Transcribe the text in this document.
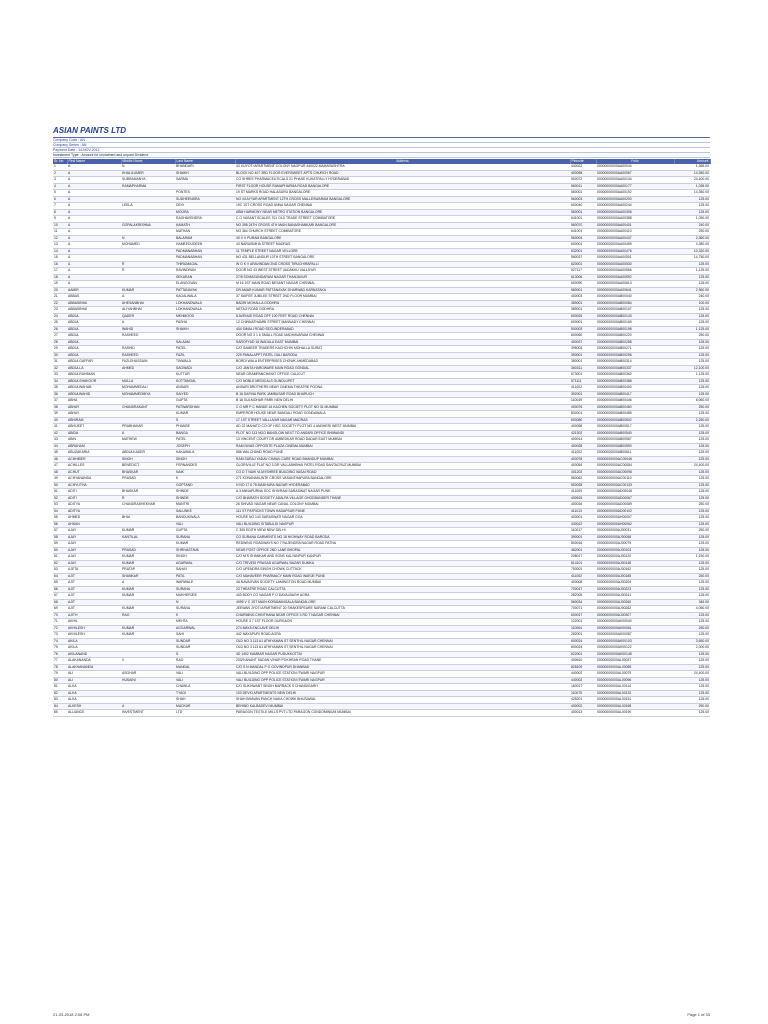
ASIAN PAINTS LTD
Company Code : AN
Company Series : AN
Payment Date : 14-NOV-2012
Investment Type : Amount for unclaimed and unpaid Dividend
Sr. No	First Name	Middle Name	Last Name	Address	Pincode	Folio	Amount
1	A	N	BHANDARI	43 VIJYOTI APARTMENT COLONY NAGPUR 440022 MAHARASHTRA	440022	00000000000AA00044	1,365.00
2	A	KHALILUMER	SHAIKH	BLOCK NO 407 3RD FLOOR EVERSWEET APTS CHURCH ROAD	400058	00000000000AA00067	14,350.00
3	A	SUBRAMANYA	SARMA	CO SHREE PHARMACEUTICALS 21 PHASE KUKATPALLY HYDERABAD	500072	00000000000AA00134	24,400.00
4	A	RAMAPHARMA		FIRST FLOOR HOUSE RAMAPHARMA ROAD BANGALORE	560011	00000000000AA00177	1,035.00
5	A		PONTES	19 ST MARKS ROAD HALASURU BANGALORE	560001	00000000000AA00192	14,350.00
6	A		SUDHEENDRA	NO 44 AYYAR APARTMENT 12TH CROSS MALLESWARAM BANGALORE	560003	00000000000AA00200	125.00
7	A	LEELA	DEVI	19C 1ST CROSS ROAD ANNA NAGAR CHENNAI	600040	00000000000AA00244	125.00
8	A		MOORA	ABM HARMONY NEAR METRO STATION BANGALORE	560001	00000000000AA00306	125.00
9	A		RAGHAVENDRA	C O VASANT SCALES 701 OLD TRADE STREET COIMBATORE	641001	00000000000AA00388	1,050.00
10	A	GOPALAKRISHNA	KAMATH	NO 398 24TH CROSS 4TH MAIN BANASHANKARI BANGALORE	560070	00000000000AA00401	240.00
11	A		MATHAN	NO 364 CHURCH STREET COIMBATORE	641001	00000000000AA00410	250.00
12	A	N	BALARAM	40 V V PURAM BANGALORE	560004	00000000000AA00437	2,360.00
13	A	MOHAMED	HAMEEDUDEEN	43 NARASIMHA STREET MADRAS	600001	00000000000AA00459	4,380.00
14	A		PADMANABHAN	11 TEMPLE STREET NAGAR VELLORE	632001	00000000000AA00476	10,320.00
15	A		PADMANABHAN	NO 431 BELLANDUR 10TH STREET BANGALORE	560037	00000000000AA00501	14,750.00
16	A	R	THIRUMAGAL	W O K V ARAVINDAN 2ND CROSS TIRUCHIRAPALLI	620001	00000000000AA00530	125.00
17	A	R	RAVINDRAN	DOOR NO 43 WEST STREET VADAKKU VALLIYUR	627117	00000000000AA00566	1,125.00
18	A		SEKARAN	27/8 SOMASUNDARAM NAGAR THANJAVUR	613006	00000000000AA00592	125.00
19	A		ELANGOVAN	M 16 1ST MAIN ROAD BESANT NAGAR CHENNAI	600090	00000000000AA00613	125.00
20	AAMIR	KUMAR	PATTANAYAK	DR AMAR KUMAR PATTANAYAK DHARWAD KARNATAKA	580001	00000000000AA00641	2,360.00
21	ABBAS	A	KAGALWALA	37 SAIFEE JUBILEE STREET 2ND FLOOR MUMBAI	400003	00000000000AB00040	240.00
22	ABBASBHAI	AHESANBHAI	LOKHANDWALA	BADRI MOHALLA GODHRA	389001	00000000000AB00084	100.00
23	ABBASBHAI	ALIYAHBHAI	LOKHANDWALA	NETAJI ROAD GODHRA	389001	00000000000AB00107	125.00
24	ABDUL	QADER	MEHMOOD	8 AVENUE ROAD OFF 100 FEET ROAD CHENNAI	600026	00000000000AB00143	125.00
25	ABDUL	A	PASHA	12 CHINNATHAMBI STREET MANNADY CHENNAI	600001	00000000000AB00169	125.00
26	ABDUL	WAHID	SHAIKH	404 SIMALI ROAD SECUNDERABAD	500003	00000000000AB00198	1,125.00
27	ABDUL	RASHEED		DOOR NO 3 1 6 SMALL ROAD MADHAVARAM CHENNAI	600060	00000000000AB00220	250.00
28	ABDUL		SALAAM	SAROFYAD 16 WADALA EAST MUMBAI	400037	00000000000AB00258	125.00
29	ABDUL	RASHID	PATEL	C/O SAMEER TRADERS KACHCHHI MOHALLA SURAT	395003	00000000000AB00271	125.00
30	ABDUL	RASHEED	FAZIL	229 PANALAPPT PATEL GALI BARODA	390001	00000000000AB00296	125.00
31	ABDULGAFFAR	FAZLEHUSSAIN	TINWALA	BORDI WALA ENTERPRISES CHOWK AHMEDABAD	380001	00000000000AB00314	125.00
32	ABDULLA	AHMED	SAGWADI	C/O JANTA HARDWARE MAIN ROAD GONDAL	360311	00000000000AB00337	12,100.00
33	ABDULRAHIMAN		KUTTUR	NEAR GRAMPANCHAYAT OFFICE CALICUT	673001	00000000000AB00362	1,125.00
34	ABDULSHAKOOR	MULLA	KOTTANGAL	C/O NOBLE MEDICALS GUNDLUPET	571111	00000000000AB00388	125.00
35	ABDULWAHAB	MOHAMMEDALI	ANSARI	ANSARI BROTHERS NEAR CINEMA THEATRE POONA	411002	00000000000AB00400	125.00
36	ABDULWAHID	MOHAMMEDMIYA	SAIYED	B 16 SAFINA PARK JAMBUSAR ROAD BHARUCH	392001	00000000000AB00417	125.00
37	ABHA		GUPTA	B 16 GULMOHAR PARK NEW DELHI	110049	00000000000AB00446	6,060.00
38	ABHAY	CHANDRAKANT	PATWARDHAN	C O MR P C HANDE 16 KACHEN SOCIETY PLOT NO 31 MUMBAI	400076	00000000000AB00460	250.00
39	ABHAY		KUMAR	EMPEROR HOUSE NEAR BANGALI ROAD GONDAWALA	834001	00000000000AB00485	125.00
40	ABHIRAM		S	17 1ST STREET VALLUVAR NAGAR MADRAS	600080	00000000000AB00502	2,250.00
41	ABHIJEET	PRABHAKAR	PHANSE	AD 22 MAHATO CO OP HSG SOCIETY PLOT NO 4 ANDHERI WEST MUMBAI	400058	00000000000AB00517	125.00
42	ABIDA	A	BANGA	PLOT NO 113 NGO BANGLOW NEXT TO ANSARI OFFICE BHIWANDI	421302	00000000000AB00540	125.00
43	ABIN	MATHEW	PATEL	13 VINCENT COURT DR AMBEDKAR ROAD DADAR EAST MUMBAI	400014	00000000000AB00567	125.00
44	ABRAHAM		JOSEPH	RAM NIVAS OPPOSITE PLAZA CINEMA MUMBAI	400028	00000000000AB00590	125.00
45	ABUZAKARIA	ABDULKADER	KAKAWALA	586 WALCHAND ROAD PUNE	411002	00000000000AB00611	125.00
46	ACHHIBER	SINGH	SINGH	RAM SURAJ YADAV CHAWL CARE ROAD BHANDUP MUMBAI	400078	00000000000AC00046	125.00
47	ACHILLES	BENEDICT	FERNANDES	GLORIVILLE FLAT NO 3 DR VALLABHBHAI PATEL ROAD SANTACRUZ MUMBAI	400054	00000000000AC00084	24,400.00
48	ACHUT	BHASKAR	NAIK	CO D T NAIK VIJAYSHREE BUILDING VASAI ROAD	401202	00000000000AC00096	125.00
49	ACHYANANDA	PRASAD	K	271 KONANAKUNTE CROSS VASANTHAPURA BANGALORE	560062	00000000000AC00110	125.00
50	ACHYUTHA		GOPTAND	H NO 17 6 75 MADHURA NAGAR HYDERABAD	500038	00000000000AC00133	125.00
51	ADITI	BHASKAR	SHINDE	A 3 ANNAPURNA SOC SHIVRAM SARASWAT NAGAR PUNE	411009	00000000000AD00048	125.00
52	ADITI	R	SHINDE	C/O BHARATH SOCIETY ADALPA VILLAGE GHODBUNDER THANE	400615	00000000000AD00067	125.00
53	ADITYA	CHANDRASHEKHAR	MANTRI	26 SHIVAJI NAGAR NEAR CANAL COLONY MUMBAI	400016	00000000000AD00089	250.00
54	ADITYA		SALUNKE	111 ST PATRICKS TOWN HADAPSAR PUNE	411013	00000000000AD00102	125.00
55	AHMED	BHAI	BANDUKWALA	HOUSE NO 143 SARASWATI NAGAR GOA	403001	00000000000AH00057	125.00
56	AHSAN		VALI	VALI BUILDING SITABULDI NAGPUR	440012	00000000000AH00062	125.00
57	AJAY	KUMAR	GUPTA	C 305 EDITH VIEW NEW DELHI	110017	00000000000AJ00031	250.00
58	AJAY	KANTILAL	SURANA	CO SURANA GARMENTS NO 18 HIGHWAY ROAD BARODA	390001	00000000000AJ00058	125.00
59	AJAY		KUMAR	REDWING ROADWAYS NO 7 RAJENDRA NAGAR ROAD PATNA	800016	00000000000AJ00079	125.00
60	AJAY	PRASAD	SHRIVASTAVA	NEAR POST OFFICE 2ND LANE BHOPAL	462001	00000000000AJ00103	125.00
61	AJAY	KUMAR	SINGH	C/O M S SHANKAR AND SONS KALYANPUR KANPUR	208017	00000000000AJ00120	1,150.00
62	AJAY	KUMAR	AGARWAL	C/O TRIVEDI PRASAD AGARWAL BAZAR DUMKA	814101	00000000000AJ00148	125.00
63	AJETA	PRATAP	SAHAY	C/O UPENDRA SINGH CHOWK CUTTACK	753001	00000000000AJ00162	125.00
64	AJIT	SHANKAR	PATIL	C/O MAHAVEER PHARMACY MAIN ROAD WARJE PUNE	411052	00000000000AJ00185	250.00
65	AJIT	A	WARWALE	4A NAVAJIVAN SOCIETY LAMINGTON ROAD MUMBAI	400008	00000000000AJ00204	125.00
66	AJIT	KUMAR	SURANA	23 THEATRE ROAD CALCUTTA	700017	00000000000AJ00223	125.00
67	AJIT	KUMAR	MUKHERJEE	403 BODY CO NAGAR P O DAYALBAGH AGRA	282005	00000000000AJ00241	125.00
68	AJIT		N	4095 V C 1ST MAIN KORAMANGALA BANGALORE	560034	00000000000AJ00260	345.00
69	AJIT	KUMAR	SURANA	JEEWAN JYOTI APARTMENT 20 SHAKESPEARE SARANI CALCUTTA	700071	00000000000AJ00282	4,050.00
70	AJITH	RAO	K	CHARMING CHINTHANA NEAR OFFICE 3 RD T NAGAR CHENNAI	600017	00000000000AJ00307	125.00
71	AKHIL		MEHTA	HOUSE 3 7 1ST FLOOR GURGAON	122001	00000000000AK00040	125.00
72	AKHILESH	KUMAR	AGGARWAL	274 MAYA ENCLAVE DELHI	110064	00000000000AK00061	250.00
73	AKHILESH	KUMAR	SAHI	442 MAYAPURI ROAD AGRA	282001	00000000000AK00087	125.00
74	AKILA		SUNDAR	OLD NO 3 113 A1 ATHIYAMAN ST SENTHIL NAGAR CHENNAI	600024	00000000000AK00103	3,650.00
75	AKILA		SUNDAR	OLD NO 3 113 A1 ATHIYAMAN ST SENTHIL NAGAR CHENNAI	600024	00000000000AK00122	2,000.00
76	AKILANAND		S	4D 1402 KAMBAR NAGAR PUDUKKOTTAI	622001	00000000000AK00148	125.00
77	ALAKANANDA	V	RAO	203/9 ANANT SADAN VIHAR POKHRAN ROAD THANE	400610	00000000000AL00037	125.00
78	ALAKHANANDA		MANDAL	C/O S N MANDAL P O GOVINDPUR DHANBAD	828109	00000000000AL00055	125.00
79	ALI	ASGHAR	VALI	VALI BUILDING OPP POLICE STATION ITWARI NAGPUR	440002	00000000000AL00079	24,400.00
80	ALI	HUSAINI	VALI	VALI BUILDING OPP POLICE STATION ITWARI NAGPUR	440002	00000000000AL00096	125.00
81	ALKA		CHAWLA	C/O SUKHWANT SINGH BARRACK 5 CHANDIGARH	160017	00000000000AL00114	125.00
82	ALKA		TYAGI	103 DEVKI APARTMENTS NEW DELHI	110075	00000000000AL00132	125.00
83	ALKA		SHAH	SHAH BHAVAN PANCH NAKA CHOWK BHUSAWAL	425201	00000000000AL00151	125.00
84	ALKESH	A	MACKAR	BEHIND KALBADEVI MUMBAI	400002	00000000000AL00168	250.00
85	ALLIANCE	INVESTMENT	LTD	PARAGON TEXTILE MILLS PVT LTD PARAGON CONDOMINIUM MUMBAI	400013	00000000000AL00190	125.00
21-03-2018 2:08 PM	Page 1 of 33
